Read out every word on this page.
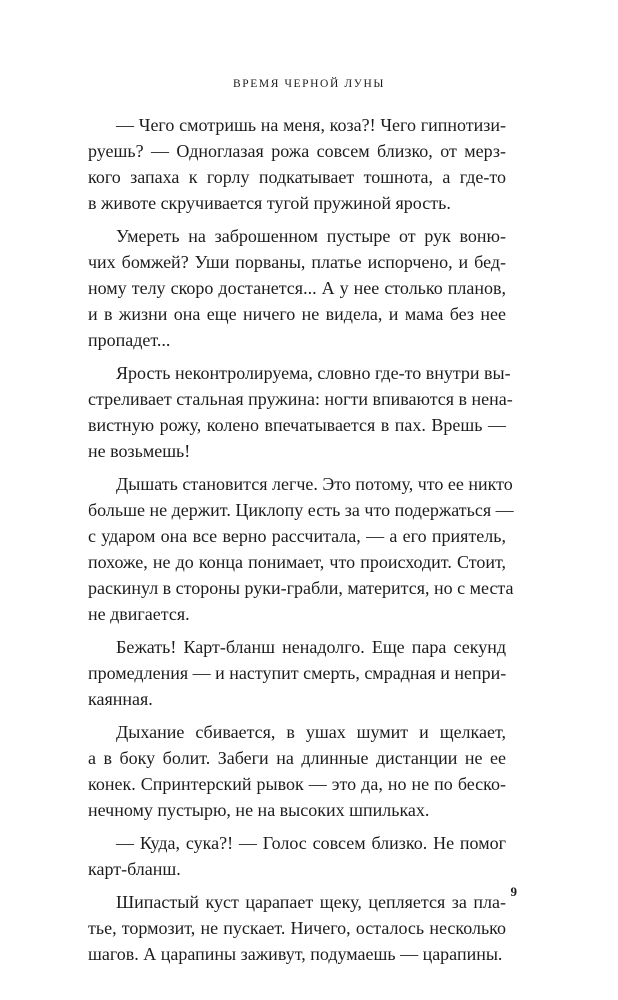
ВРЕМЯ ЧЕРНОЙ ЛУНЫ
— Чего смотришь на меня, коза?! Чего гипнотизи-
руешь? — Одноглазая рожа совсем близко, от мерз-
кого запаха к горлу подкатывает тошнота, а где-то
в животе скручивается тугой пружиной ярость.
Умереть на заброшенном пустыре от рук воню-
чих бомжей? Уши порваны, платье испорчено, и бед-
ному телу скоро достанется... А у нее столько планов,
и в жизни она еще ничего не видела, и мама без нее
пропадет...
Ярость неконтролируема, словно где-то внутри вы-
стреливает стальная пружина: ногти впиваются в нена-
вистную рожу, колено впечатывается в пах. Врешь —
не возьмешь!
Дышать становится легче. Это потому, что ее никто
больше не держит. Циклопу есть за что подержаться —
с ударом она все верно рассчитала, — а его приятель,
похоже, не до конца понимает, что происходит. Стоит,
раскинул в стороны руки-грабли, матерится, но с места
не двигается.
Бежать! Карт-бланш ненадолго. Еще пара секунд
промедления — и наступит смерть, смрадная и непри-
каянная.
Дыхание сбивается, в ушах шумит и щелкает,
а в боку болит. Забеги на длинные дистанции не ее
конек. Спринтерский рывок — это да, но не по беско-
нечному пустырю, не на высоких шпильках.
— Куда, сука?! — Голос совсем близко. Не помог
карт-бланш.
Шипастый куст царапает щеку, цепляется за пла-
тье, тормозит, не пускает. Ничего, осталось несколько
шагов. А царапины заживут, подумаешь — царапины.
9
